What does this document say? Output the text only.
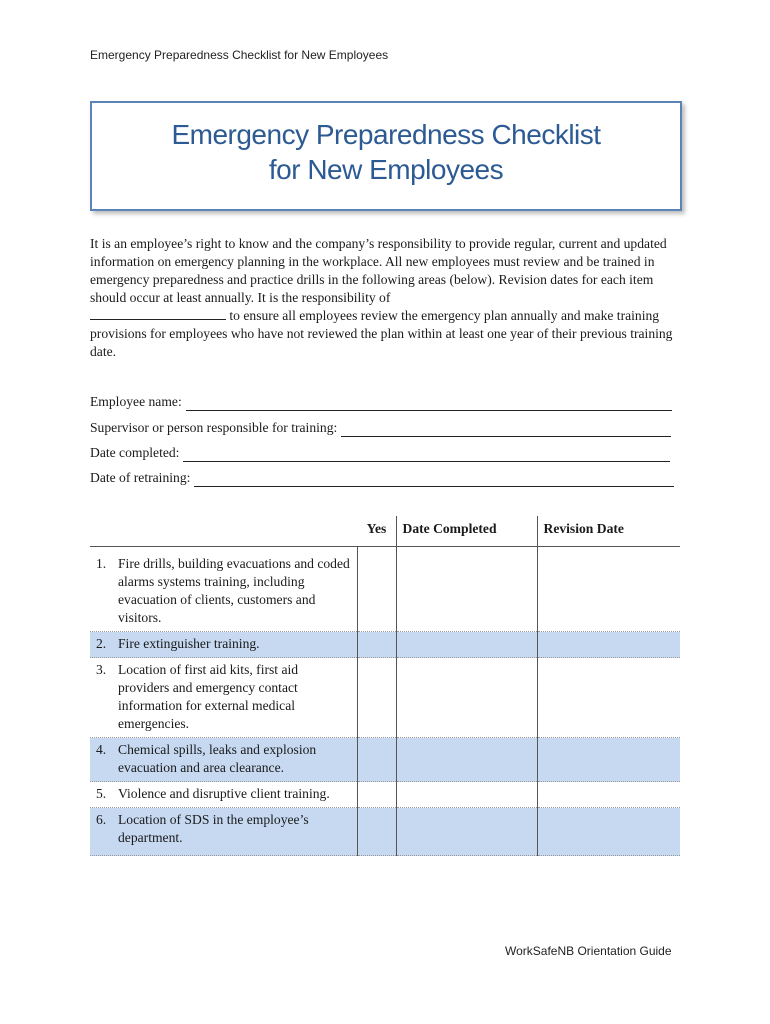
Emergency Preparedness Checklist for New Employees
Emergency Preparedness Checklist
for New Employees

It is an employee’s right to know and the company’s responsibility to provide regular, current and updated information on emergency planning in the workplace. All new employees must review and be trained in emergency preparedness and practice drills in the following areas (below). Revision dates for each item should occur at least annually. It is the responsibility of
to ensure all employees review the emergency plan annually and make training provisions for employees who have not reviewed the plan within at least one year of their previous training date.

Employee name:
Supervisor or person responsible for training:
Date completed:
Date of retraining:
	Yes	Date Completed	Revision Date

1. Fire drills, building evacuations and coded alarms systems training, including evacuation of clients, customers and visitors.			

2. Fire extinguisher training.			

3. Location of first aid kits, first aid providers and emergency contact information for external medical emergencies.			

4. Chemical spills, leaks and explosion evacuation and area clearance.			

5. Violence and disruptive client training.			

6. Location of SDS in the employee’s department.			

WorkSafeNB Orientation Guide
